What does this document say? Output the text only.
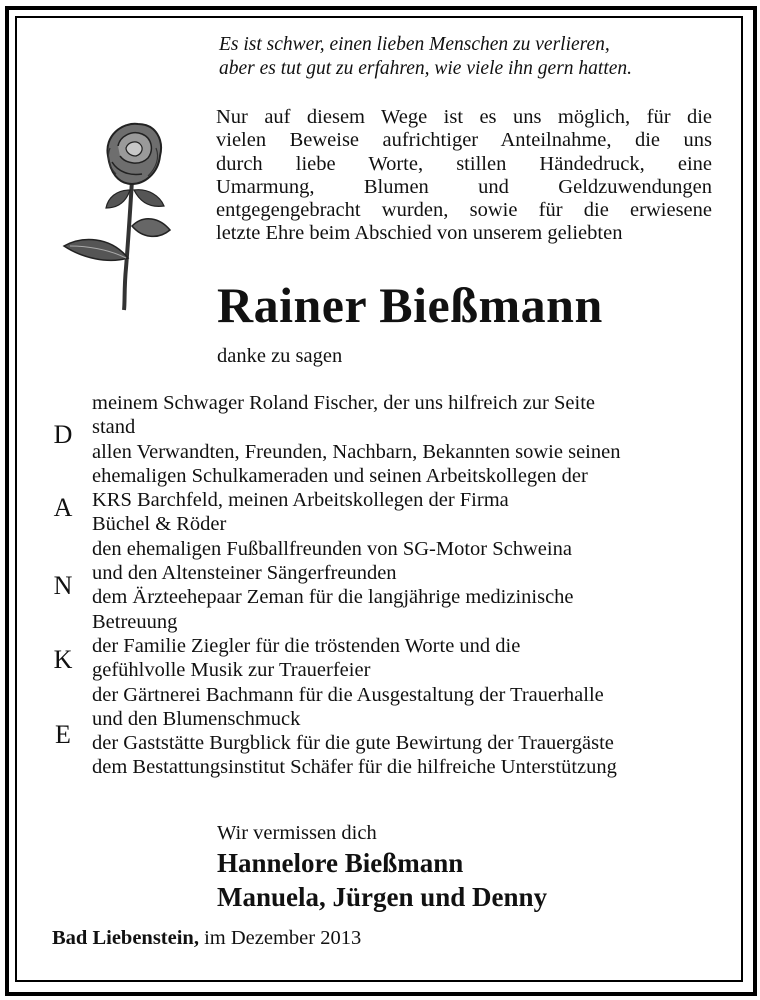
Es ist schwer, einen lieben Menschen zu verlieren,
aber es tut gut zu erfahren, wie viele ihn gern hatten.
Nur auf diesem Wege ist es uns möglich, für die
vielen Beweise aufrichtiger Anteilnahme, die uns
durch liebe Worte, stillen Händedruck, eine
Umarmung, Blumen und Geldzuwendungen
entgegengebracht wurden, sowie für die erwiesene
letzte Ehre beim Abschied von unserem geliebten
Rainer Bießmann
danke zu sagen
D
A
N
K
E
meinem Schwager Roland Fischer, der uns hilfreich zur Seite
stand
allen Verwandten, Freunden, Nachbarn, Bekannten sowie seinen
ehemaligen Schulkameraden und seinen Arbeitskollegen der
KRS Barchfeld, meinen Arbeitskollegen der Firma
Büchel & Röder
den ehemaligen Fußballfreunden von SG-Motor Schweina
und den Altensteiner Sängerfreunden
dem Ärzteehepaar Zeman für die langjährige medizinische
Betreuung
der Familie Ziegler für die tröstenden Worte und die
gefühlvolle Musik zur Trauerfeier
der Gärtnerei Bachmann für die Ausgestaltung der Trauerhalle
und den Blumenschmuck
der Gaststätte Burgblick für die gute Bewirtung der Trauergäste
dem Bestattungsinstitut Schäfer für die hilfreiche Unterstützung
Wir vermissen dich
Hannelore Bießmann
Manuela, Jürgen und Denny
Bad Liebenstein, im Dezember 2013
